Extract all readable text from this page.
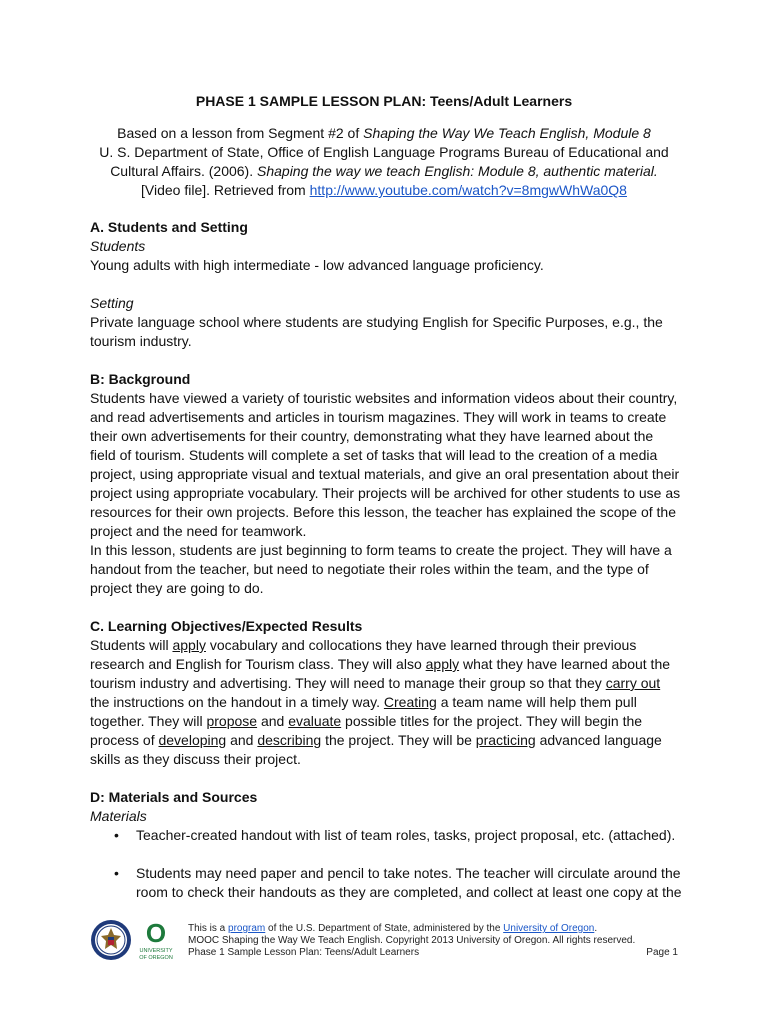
PHASE 1 SAMPLE LESSON PLAN: Teens/Adult Learners
Based on a lesson from Segment #2 of Shaping the Way We Teach English, Module 8
U. S. Department of State, Office of English Language Programs Bureau of Educational and Cultural Affairs. (2006). Shaping the way we teach English: Module 8, authentic material. [Video file]. Retrieved from http://www.youtube.com/watch?v=8mgwWhWa0Q8

A. Students and Setting

Students

Young adults with high intermediate - low advanced language proficiency.

Setting

Private language school where students are studying English for Specific Purposes, e.g., the tourism industry.

B: Background

Students have viewed a variety of touristic websites and information videos about their country, and read advertisements and articles in tourism magazines. They will work in teams to create their own advertisements for their country, demonstrating what they have learned about the field of tourism. Students will complete a set of tasks that will lead to the creation of a media project, using appropriate visual and textual materials, and give an oral presentation about their project using appropriate vocabulary. Their projects will be archived for other students to use as resources for their own projects. Before this lesson, the teacher has explained the scope of the project and the need for teamwork.

In this lesson, students are just beginning to form teams to create the project. They will have a handout from the teacher, but need to negotiate their roles within the team, and the type of project they are going to do.

C. Learning Objectives/Expected Results

Students will apply vocabulary and collocations they have learned through their previous research and English for Tourism class. They will also apply what they have learned about the tourism industry and advertising. They will need to manage their group so that they carry out the instructions on the handout in a timely way. Creating a team name will help them pull together. They will propose and evaluate possible titles for the project. They will begin the process of developing and describing the project. They will be practicing advanced language skills as they discuss their project.

D: Materials and Sources

Materials

• Teacher-created handout with list of team roles, tasks, project proposal, etc. (attached).
• Students may need paper and pencil to take notes. The teacher will circulate around the room to check their handouts as they are completed, and collect at least one copy at the
O
UNIVERSITY
OF OREGON
This is a program of the U.S. Department of State, administered by the University of Oregon.
MOOC Shaping the Way We Teach English. Copyright 2013 University of Oregon. All rights reserved.
Phase 1 Sample Lesson Plan: Teens/Adult Learners	Page 1
